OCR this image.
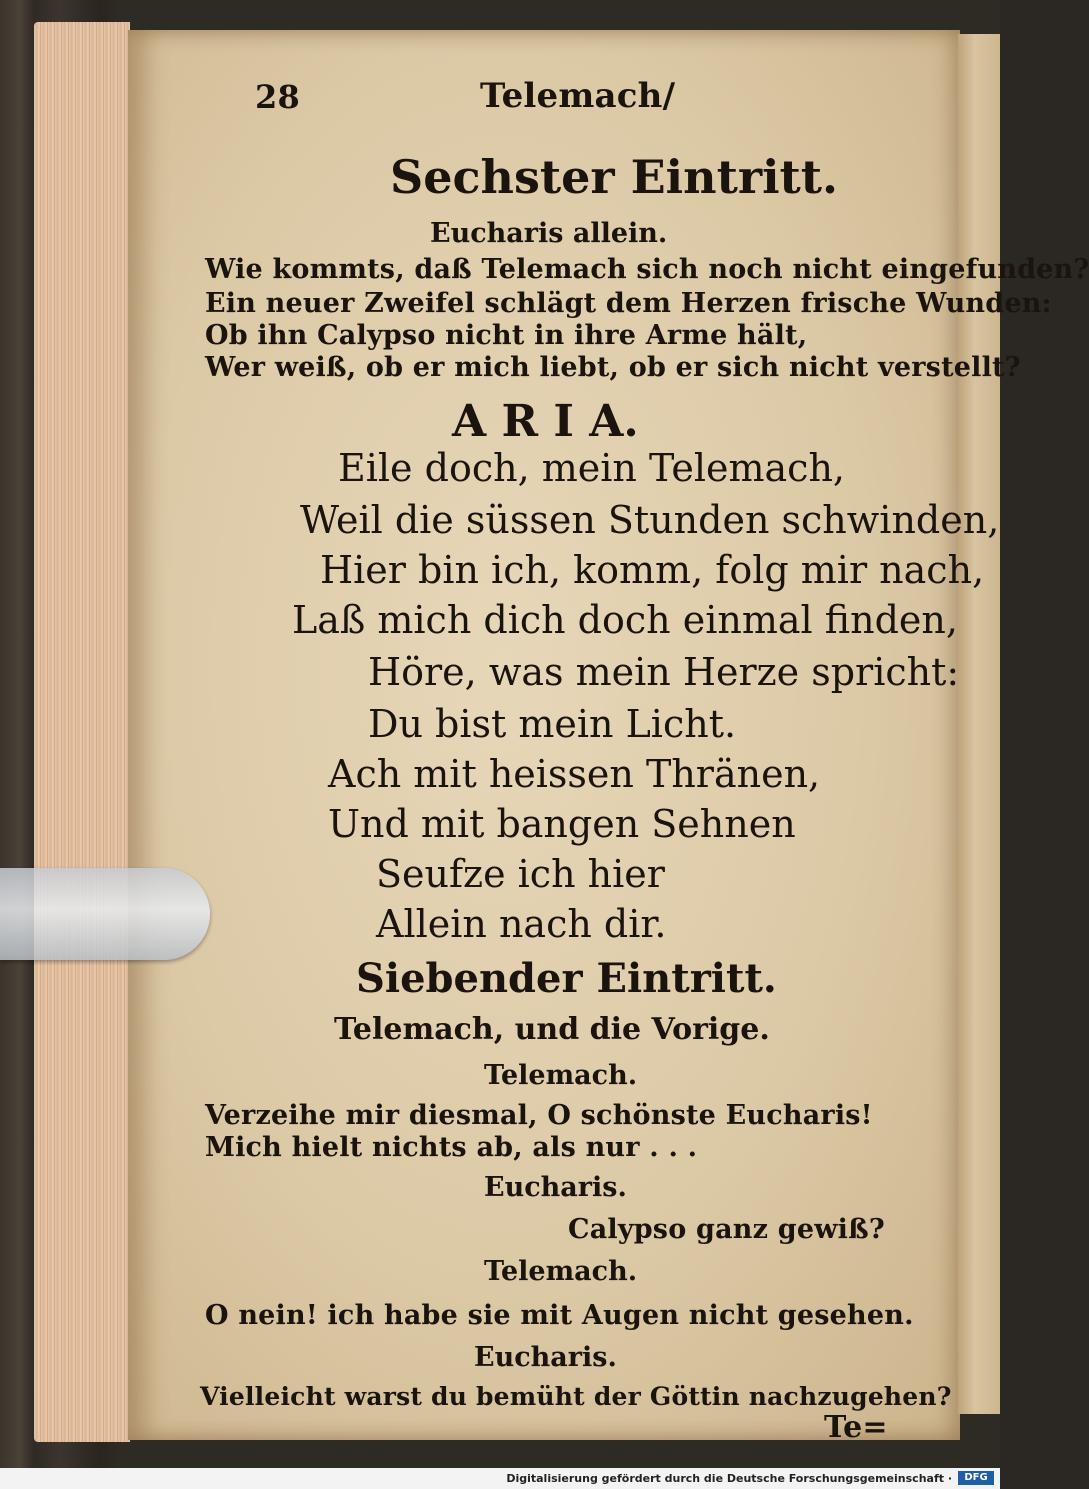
28	Telemach/
Sechster Eintritt.
Eucharis allein.
Wie kommts, daß Telemach sich noch nicht eingefunden?
Ein neuer Zweifel schlägt dem Herzen frische Wunden:
Ob ihn Calypso nicht in ihre Arme hält,
Wer weiß, ob er mich liebt, ob er sich nicht verstellt?
A R I A.
Eile doch, mein Telemach,
Weil die süssen Stunden schwinden,
Hier bin ich, komm, folg mir nach,
Laß mich dich doch einmal finden,
Höre, was mein Herze spricht:
Du bist mein Licht.
Ach mit heissen Thränen,
Und mit bangen Sehnen
Seufze ich hier
Allein nach dir.
Siebender Eintritt.
Telemach, und die Vorige.
Telemach.
Verzeihe mir diesmal, O schönste Eucharis!
Mich hielt nichts ab, als nur . . .
Eucharis.
Calypso ganz gewiß?
Telemach.
O nein! ich habe sie mit Augen nicht gesehen.
Eucharis.
Vielleicht warst du bemüht der Göttin nachzugehen?
Te=
Digitalisierung gefördert durch die Deutsche Forschungsgemeinschaft ·	DFG
